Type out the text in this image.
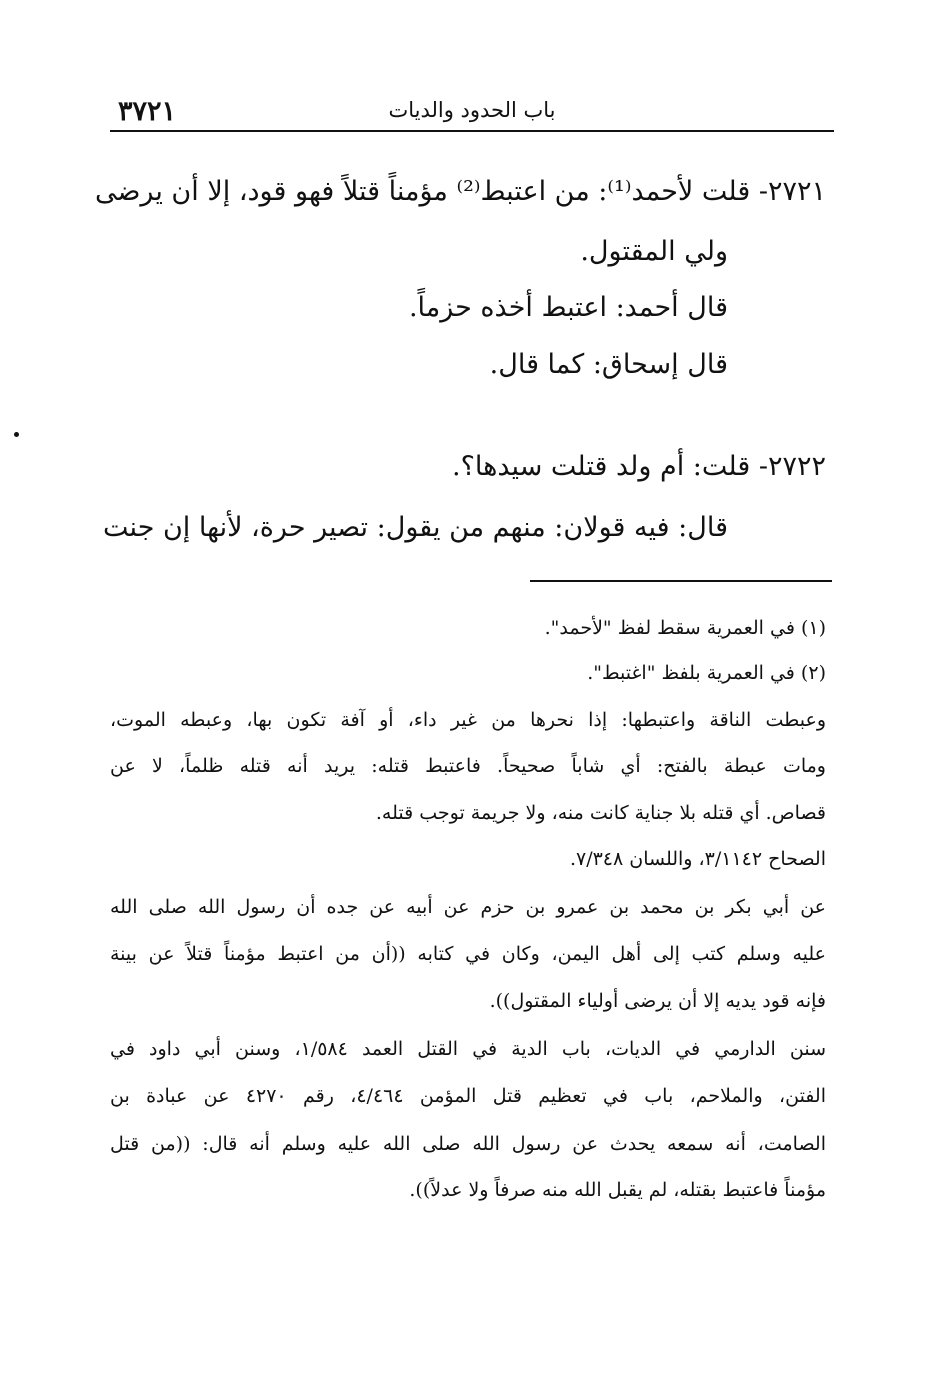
٣٧٢١	باب الحدود والديات
٢٧٢١- قلت لأحمد⁽¹⁾: من اعتبط⁽²⁾ مؤمناً قتلاً فهو قود، إلا أن يرضى
ولي المقتول.
قال أحمد: اعتبط أخذه حزماً.
قال إسحاق: كما قال.
٢٧٢٢- قلت: أم ولد قتلت سيدها؟.
قال: فيه قولان: منهم من يقول: تصير حرة، لأنها إن جنت
(١) في العمرية سقط لفظ "لأحمد".
(٢) في العمرية بلفظ "اغتبط".
وعبطت الناقة واعتبطها: إذا نحرها من غير داء، أو آفة تكون بها، وعبطه الموت،
ومات عبطة بالفتح: أي شاباً صحيحاً. فاعتبط قتله: يريد أنه قتله ظلماً، لا عن
قصاص. أي قتله بلا جناية كانت منه، ولا جريمة توجب قتله.
الصحاح ٣/١١٤٢، واللسان ٧/٣٤٨.
عن أبي بكر بن محمد بن عمرو بن حزم عن أبيه عن جده أن رسول الله صلى الله
عليه وسلم كتب إلى أهل اليمن، وكان في كتابه ((أن من اعتبط مؤمناً قتلاً عن بينة
فإنه قود يديه إلا أن يرضى أولياء المقتول)).
سنن الدارمي في الديات، باب الدية في القتل العمد ١/٥٨٤، وسنن أبي داود في
الفتن، والملاحم، باب في تعظيم قتل المؤمن ٤/٤٦٤، رقم ٤٢٧٠ عن عبادة بن
الصامت، أنه سمعه يحدث عن رسول الله صلى الله عليه وسلم أنه قال: ((من قتل
مؤمناً فاعتبط بقتله، لم يقبل الله منه صرفاً ولا عدلاً)).
